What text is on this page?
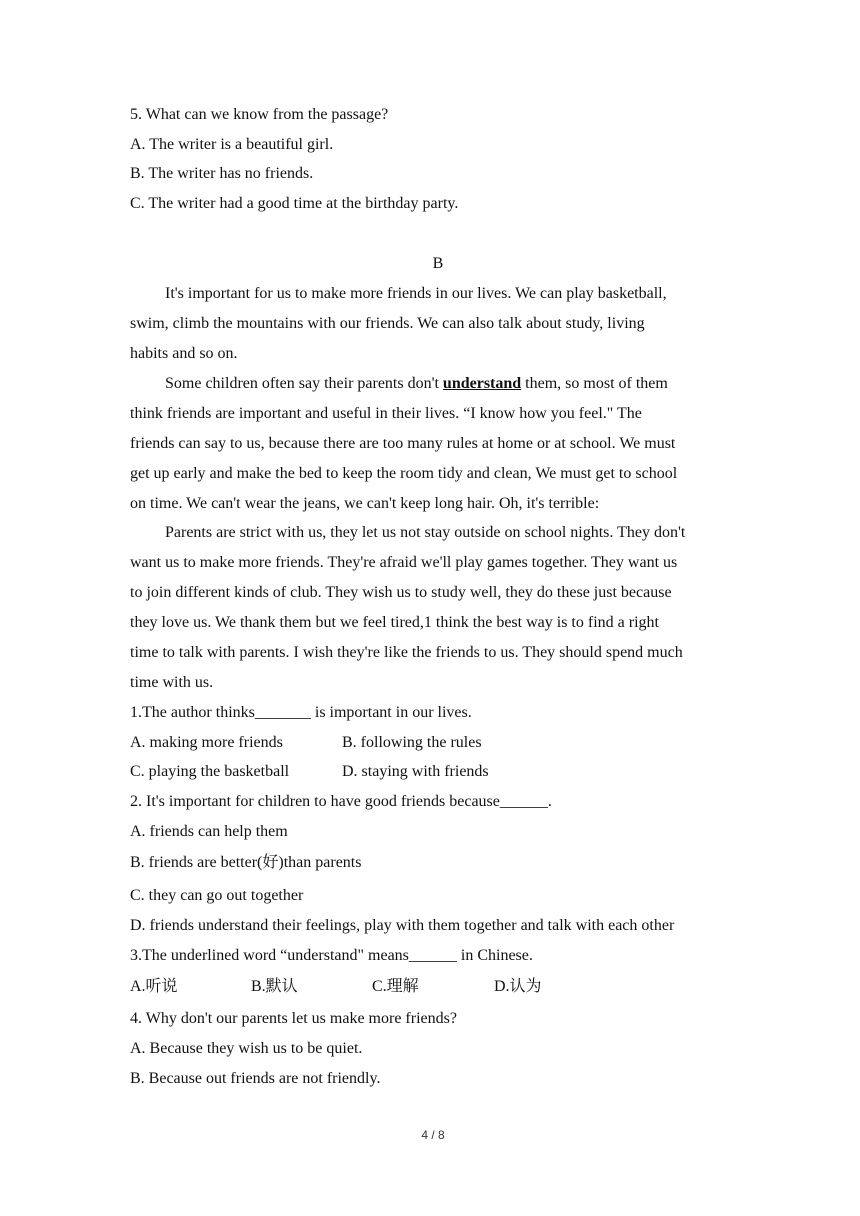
5. What can we know from the passage?
A. The writer is a beautiful girl.
B. The writer has no friends.
C. The writer had a good time at the birthday party.
B
It's important for us to make more friends in our lives. We can play basketball,
swim, climb the mountains with our friends. We can also talk about study, living
habits and so on.
Some children often say their parents don't understand them, so most of them
think friends are important and useful in their lives. “I know how you feel." The
friends can say to us, because there are too many rules at home or at school. We must
get up early and make the bed to keep the room tidy and clean, We must get to school
on time. We can't wear the jeans, we can't keep long hair. Oh, it's terrible:
Parents are strict with us, they let us not stay outside on school nights. They don't
want us to make more friends. They're afraid we'll play games together. They want us
to join different kinds of club. They wish us to study well, they do these just because
they love us. We thank them but we feel tired,1 think the best way is to find a right
time to talk with parents. I wish they're like the friends to us. They should spend much
time with us.
1.The author thinks_______ is important in our lives.
A. making more friends	B. following the rules
C. playing the basketball	D. staying with friends
2. It's important for children to have good friends because______.
A. friends can help them
B. friends are better(好)than parents
C. they can go out together
D. friends understand their feelings, play with them together and talk with each other
3.The underlined word “understand" means______ in Chinese.
A.听说	B.默认	C.理解	D.认为
4. Why don't our parents let us make more friends?
A. Because they wish us to be quiet.
B. Because out friends are not friendly.
4 / 8
